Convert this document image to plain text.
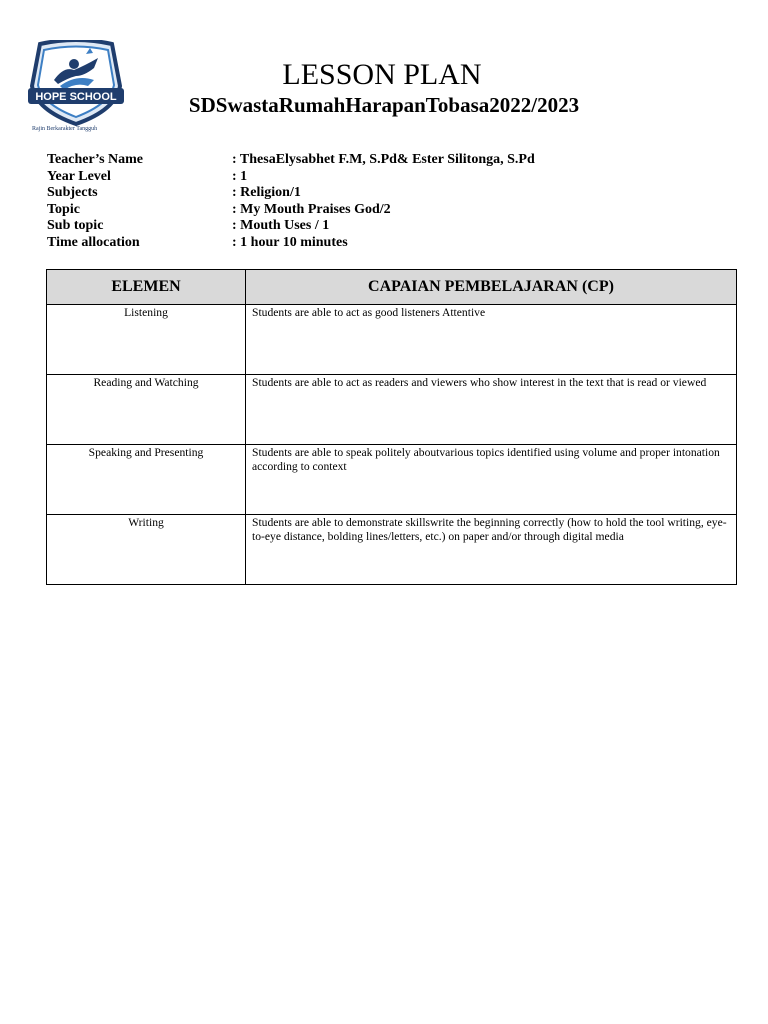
HOPE SCHOOL
Rajin Berkarakter Tangguh
LESSON PLAN
SDSwastaRumahHarapanTobasa2022/2023
Teacher’s Name	: ThesaElysabhet F.M, S.Pd& Ester Silitonga, S.Pd
Year Level	: 1
Subjects	: Religion/1
Topic	: My Mouth Praises God/2
Sub topic	: Mouth Uses / 1
Time allocation	: 1 hour 10 minutes
ELEMEN	CAPAIAN PEMBELAJARAN (CP)
Listening	Students are able to act as good listeners Attentive
Reading and Watching	Students are able to act as readers and viewers who show interest in the text that is read or viewed
Speaking and Presenting	Students are able to speak politely aboutvarious topics identified using volume and proper intonation according to context
Writing	Students are able to demonstrate skillswrite the beginning correctly (how to hold the tool writing, eye-to-eye distance, bolding lines/letters, etc.) on paper and/or through digital media
